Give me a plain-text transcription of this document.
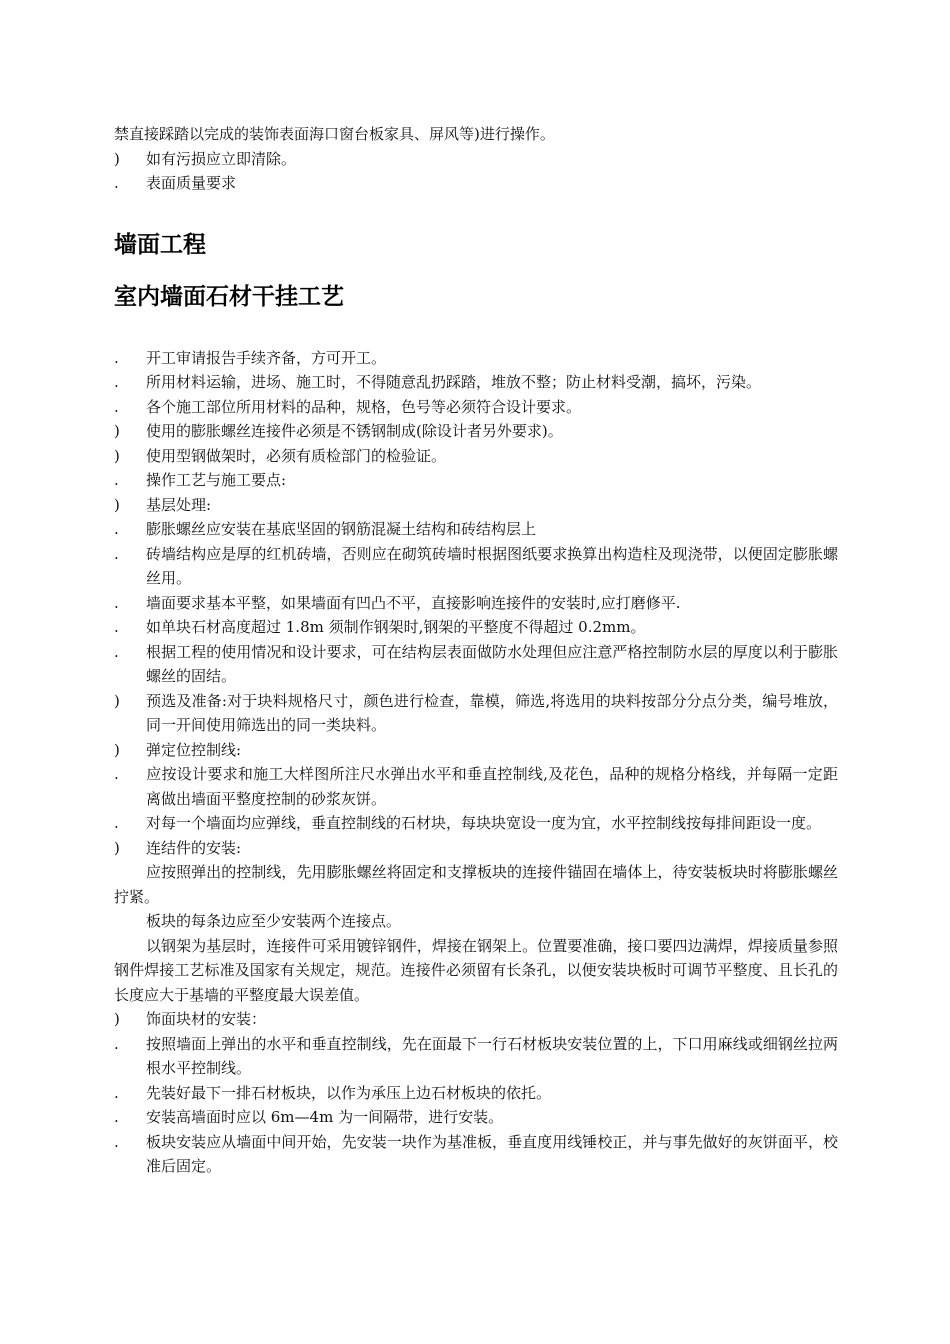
禁直接踩踏以完成的装饰表面海口窗台板家具、屏风等)进行操作。

) 如有污损应立即清除。

. 表面质量要求

墙面工程
室内墙面石材干挂工艺

. 开工审请报告手续齐备，方可开工。

. 所用材料运输，进场、施工时，不得随意乱扔踩踏，堆放不整；防止材料受潮，搞坏，污染。

. 各个施工部位所用材料的品种，规格，色号等必须符合设计要求。

) 使用的膨胀螺丝连接件必须是不锈钢制成(除设计者另外要求)。

) 使用型钢做架时，必须有质检部门的检验证。

. 操作工艺与施工要点:

) 基层处理:

. 膨胀螺丝应安装在基底坚固的钢筋混凝土结构和砖结构层上

. 砖墙结构应是厚的红机砖墙，否则应在砌筑砖墙时根据图纸要求换算出构造柱及现浇带，以便固定膨胀螺丝用。

. 墙面要求基本平整，如果墙面有凹凸不平，直接影响连接件的安装时,应打磨修平.

. 如单块石材高度超过 1.8m 须制作钢架时,钢架的平整度不得超过 0.2mm。

. 根据工程的使用情况和设计要求，可在结构层表面做防水处理但应注意严格控制防水层的厚度以利于膨胀螺丝的固结。

) 预选及准备:对于块料规格尺寸，颜色进行检查，靠模，筛选,将选用的块料按部分分点分类，编号堆放，同一开间使用筛选出的同一类块料。

) 弹定位控制线:

. 应按设计要求和施工大样图所注尺水弹出水平和垂直控制线,及花色，品种的规格分格线，并每隔一定距离做出墙面平整度控制的砂浆灰饼。

. 对每一个墙面均应弹线，垂直控制线的石材块，每块块宽设一度为宜，水平控制线按每排间距设一度。

) 连结件的安装:

应按照弹出的控制线，先用膨胀螺丝将固定和支撑板块的连接件锚固在墙体上，待安装板块时将膨胀螺丝拧紧。

板块的每条边应至少安装两个连接点。

以钢架为基层时，连接件可采用镀锌钢件，焊接在钢架上。位置要准确，接口要四边满焊，焊接质量参照钢件焊接工艺标准及国家有关规定，规范。连接件必须留有长条孔，以便安装块板时可调节平整度、且长孔的长度应大于基墙的平整度最大误差值。

) 饰面块材的安装：

. 按照墙面上弹出的水平和垂直控制线，先在面最下一行石材板块安装位置的上，下口用麻线或细钢丝拉两根水平控制线。

. 先装好最下一排石材板块，以作为承压上边石材板块的依托。

. 安装高墙面时应以 6m—4m 为一间隔带，进行安装。

. 板块安装应从墙面中间开始，先安装一块作为基准板，垂直度用线锤校正，并与事先做好的灰饼面平，校准后固定。
